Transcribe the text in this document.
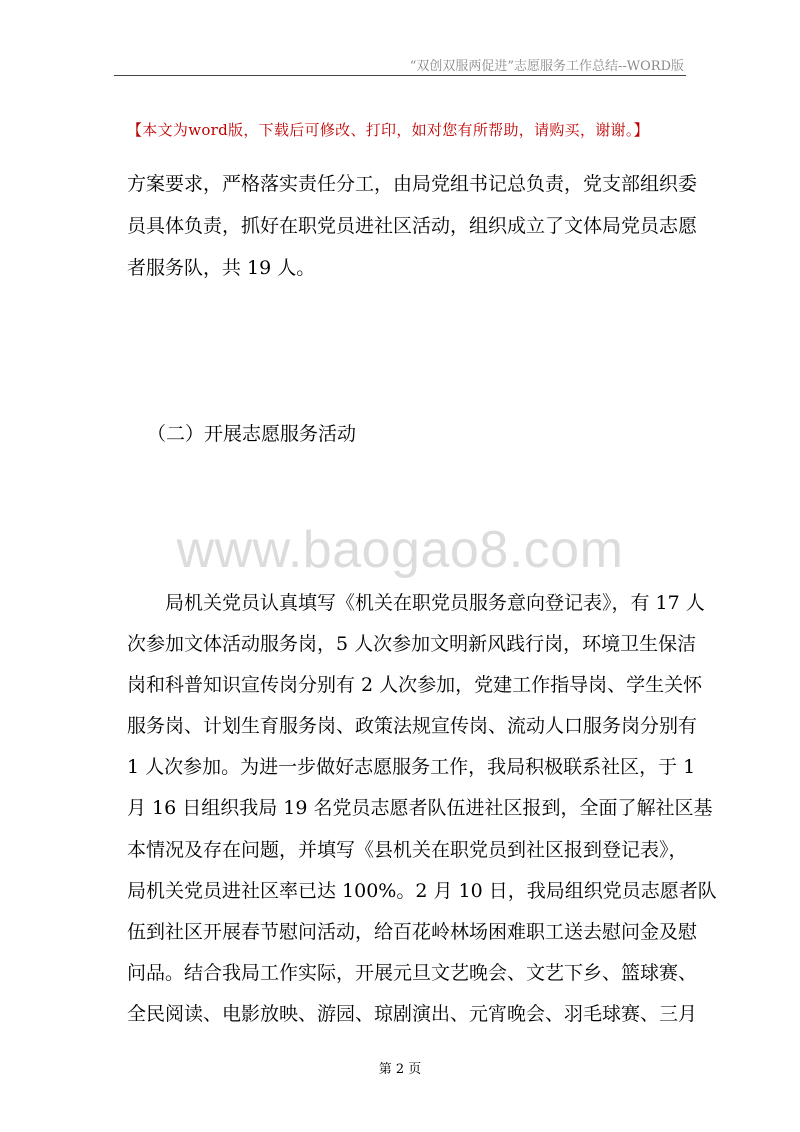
“双创双服两促进”志愿服务工作总结--WORD版
【本文为word版，下载后可修改、打印，如对您有所帮助，请购买，谢谢。】
方案要求，严格落实责任分工，由局党组书记总负责，党支部组织委
员具体负责，抓好在职党员进社区活动，组织成立了文体局党员志愿
者服务队，共 19 人。
（二）开展志愿服务活动
www.baogao8.com
　　局机关党员认真填写《机关在职党员服务意向登记表》，有 17 人
次参加文体活动服务岗，5 人次参加文明新风践行岗，环境卫生保洁
岗和科普知识宣传岗分别有 2 人次参加，党建工作指导岗、学生关怀
服务岗、计划生育服务岗、政策法规宣传岗、流动人口服务岗分别有
1 人次参加。为进一步做好志愿服务工作，我局积极联系社区，于 1
月 16 日组织我局 19 名党员志愿者队伍进社区报到，全面了解社区基
本情况及存在问题，并填写《县机关在职党员到社区报到登记表》，
局机关党员进社区率已达 100%。2 月 10 日，我局组织党员志愿者队
伍到社区开展春节慰问活动，给百花岭林场困难职工送去慰问金及慰
问品。结合我局工作实际，开展元旦文艺晚会、文艺下乡、篮球赛、
全民阅读、电影放映、游园、琼剧演出、元宵晚会、羽毛球赛、三月
第 2 页
